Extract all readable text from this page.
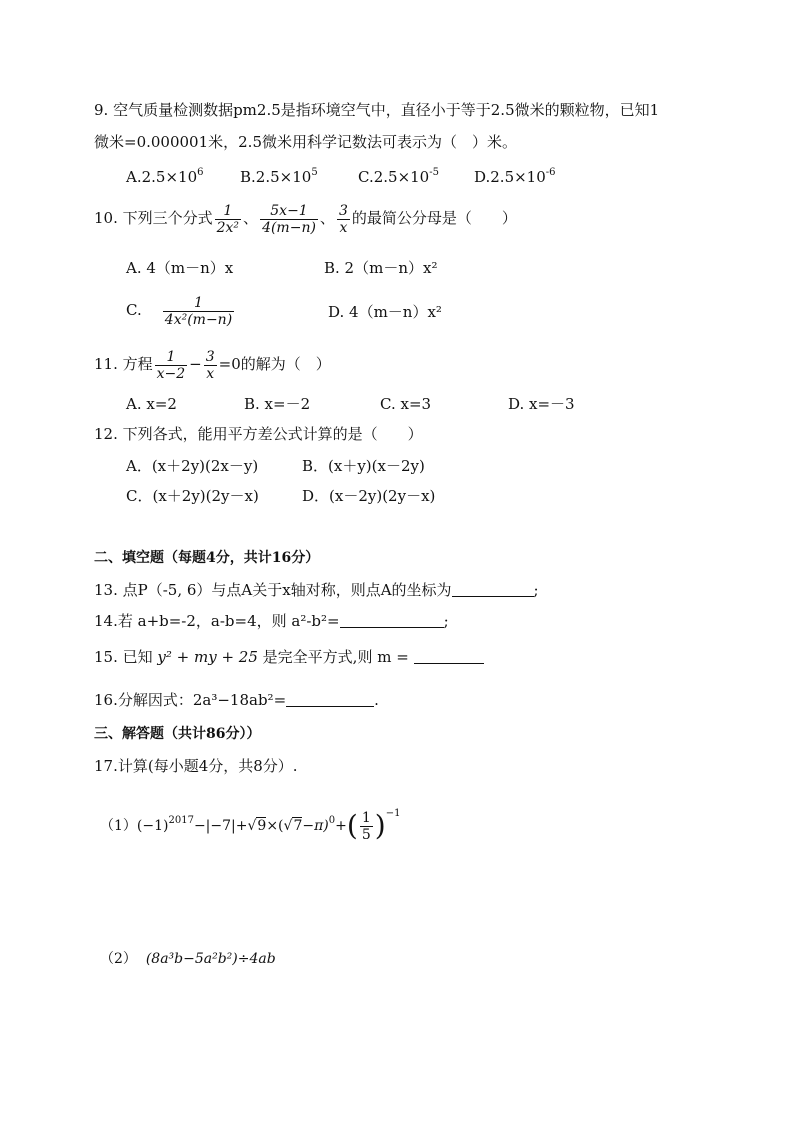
9. 空气质量检测数据pm2.5是指环境空气中，直径小于等于2.5微米的颗粒物，已知1
微米=0.000001米，2.5微米用科学记数法可表示为（　）米。
$A.2.5\times 10^6$ $B.2.5\times 10^5$	$C.2.5\times 10^{-5}$ $D.2.5\times 10^{-6}$
10. 下列三个分式 $\frac{1}{\text{2x²}}$ 、 $\frac{5x-1}{4(m-n)}$ 、 $\frac{3}{x}$ 的最简公分母是（　　）
A. 4（m－n）x	B. 2（m－n）x²
C. $\frac{1}{\text{4x²(m−n)}}$	D. 4（m－n）x²
11. 方程 $\frac{1}{x-2} - \frac{3}{x} =0$的解为（　）
A. x=2	B. x=－2	C. x=3	D. x=－3
12. 下列各式，能用平方差公式计算的是（　　）
A．(x＋2y)(2x－y)	B．(x＋y)(x－2y)
C．(x＋2y)(2y－x)	D．(x－2y)(2y－x)
二、填空题（每题4分，共计16分）
13. 点P（-5, 6）与点A关于x轴对称，则点A的坐标为	;
14.若 a+b=-2，a-b=4，则 a²-b²=	;
15. 已知 y² + my + 25 是完全平方式,则 m =
16.分解因式：2a³−18ab²=	.
三、解答题（共计86分））
17.计算(每小题4分，共8分）.
$(1)(-1)^{2017}-|-7|+√9\times(√7-\pi)^0+( \frac{1}{5} )^{-1}$
（2） (8a³b−5a²b²)÷4ab
